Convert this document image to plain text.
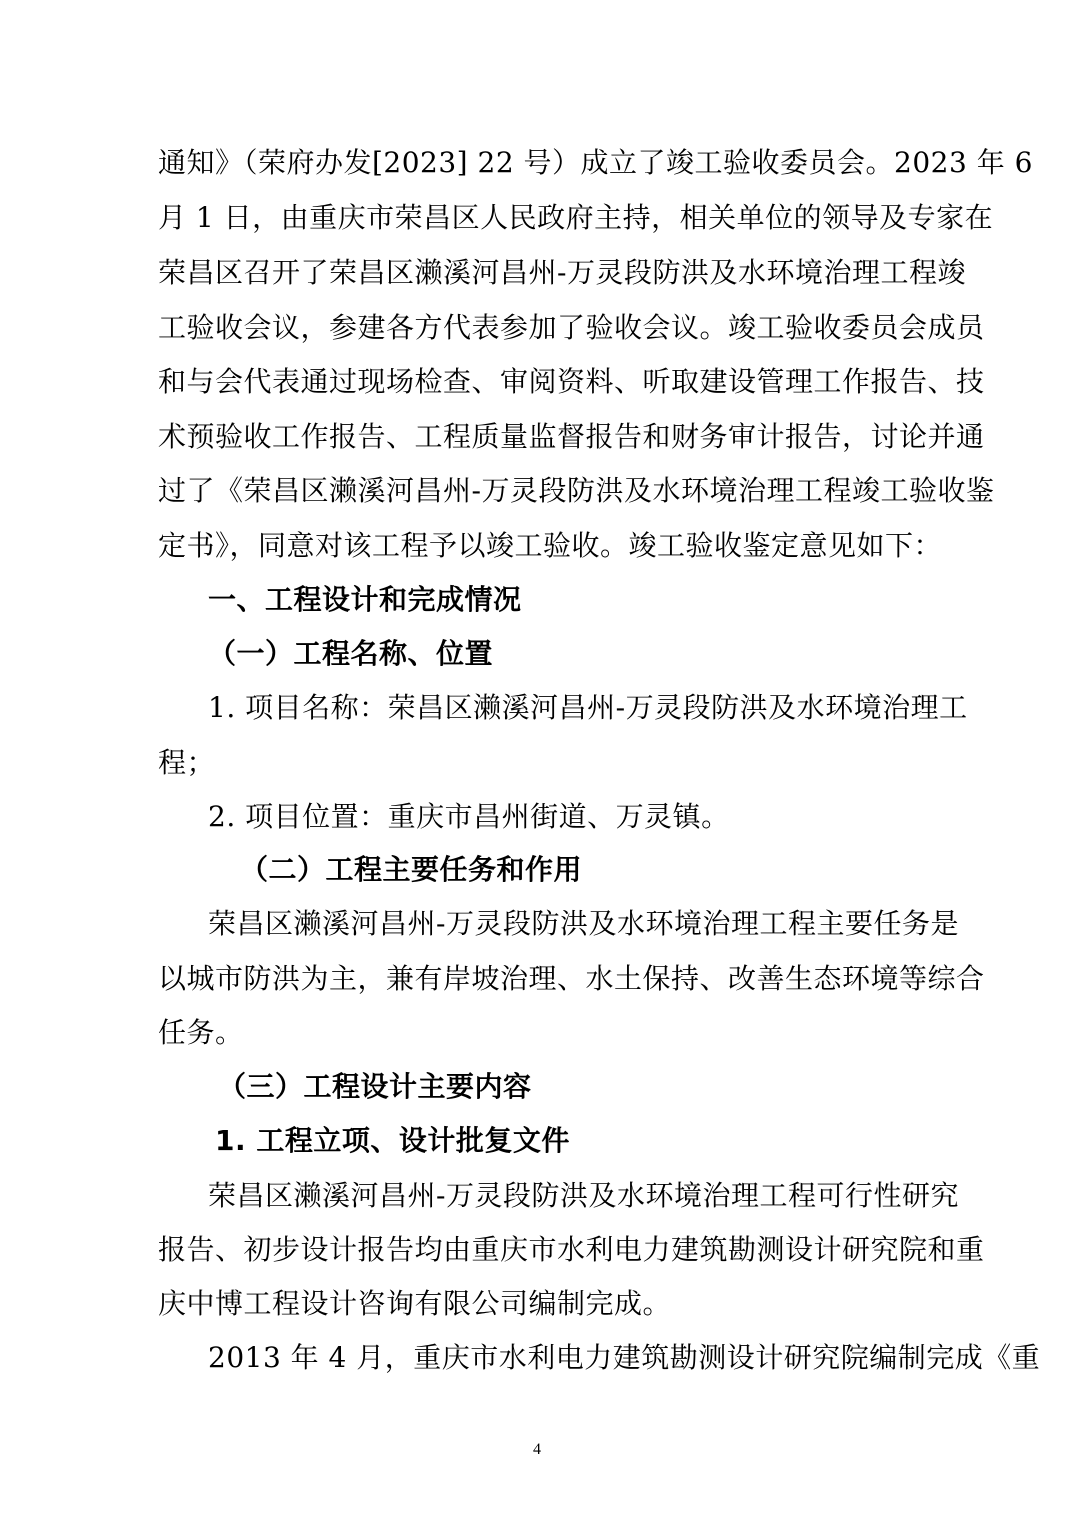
通知》（荣府办发[2023] 22 号）成立了竣工验收委员会。2023 年 6
月 1 日，由重庆市荣昌区人民政府主持，相关单位的领导及专家在
荣昌区召开了荣昌区濑溪河昌州-万灵段防洪及水环境治理工程竣
工验收会议，参建各方代表参加了验收会议。竣工验收委员会成员
和与会代表通过现场检查、审阅资料、听取建设管理工作报告、技
术预验收工作报告、工程质量监督报告和财务审计报告，讨论并通
过了《荣昌区濑溪河昌州-万灵段防洪及水环境治理工程竣工验收鉴
定书》，同意对该工程予以竣工验收。竣工验收鉴定意见如下：
一、工程设计和完成情况
（一）工程名称、位置
1. 项目名称：荣昌区濑溪河昌州-万灵段防洪及水环境治理工
程；
2. 项目位置：重庆市昌州街道、万灵镇。
（二）工程主要任务和作用
荣昌区濑溪河昌州-万灵段防洪及水环境治理工程主要任务是
以城市防洪为主，兼有岸坡治理、水土保持、改善生态环境等综合
任务。
（三）工程设计主要内容
1. 工程立项、设计批复文件
荣昌区濑溪河昌州-万灵段防洪及水环境治理工程可行性研究
报告、初步设计报告均由重庆市水利电力建筑勘测设计研究院和重
庆中博工程设计咨询有限公司编制完成。
2013 年 4 月，重庆市水利电力建筑勘测设计研究院编制完成《重
4
